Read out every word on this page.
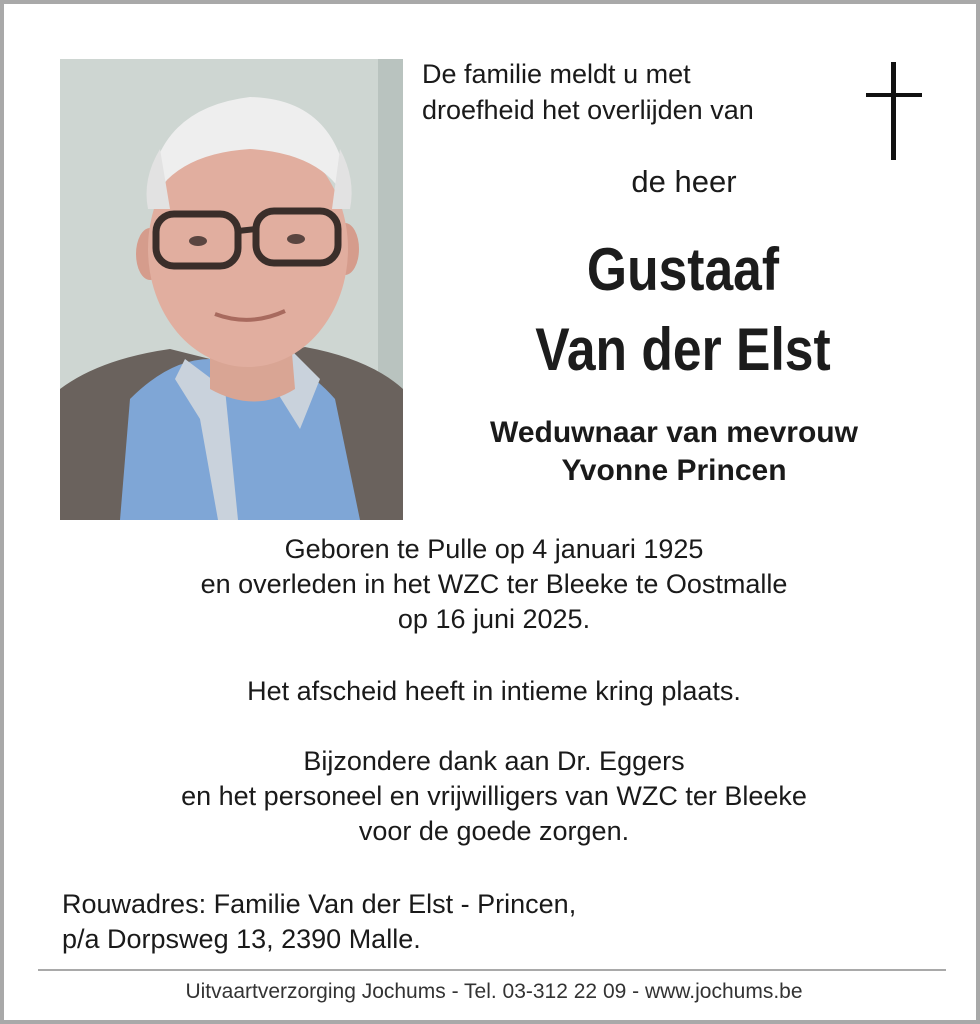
De familie meldt u met
droefheid het overlijden van
de heer
Gustaaf
Van der Elst
Weduwnaar van mevrouw
Yvonne Princen
Geboren te Pulle op 4 januari 1925
en overleden in het WZC ter Bleeke te Oostmalle
op 16 juni 2025.
Het afscheid heeft in intieme kring plaats.
Bijzondere dank aan Dr. Eggers
en het personeel en vrijwilligers van WZC ter Bleeke
voor de goede zorgen.
Rouwadres: Familie Van der Elst - Princen,
p/a Dorpsweg 13, 2390 Malle.
Uitvaartverzorging Jochums - Tel. 03-312 22 09 - www.jochums.be
